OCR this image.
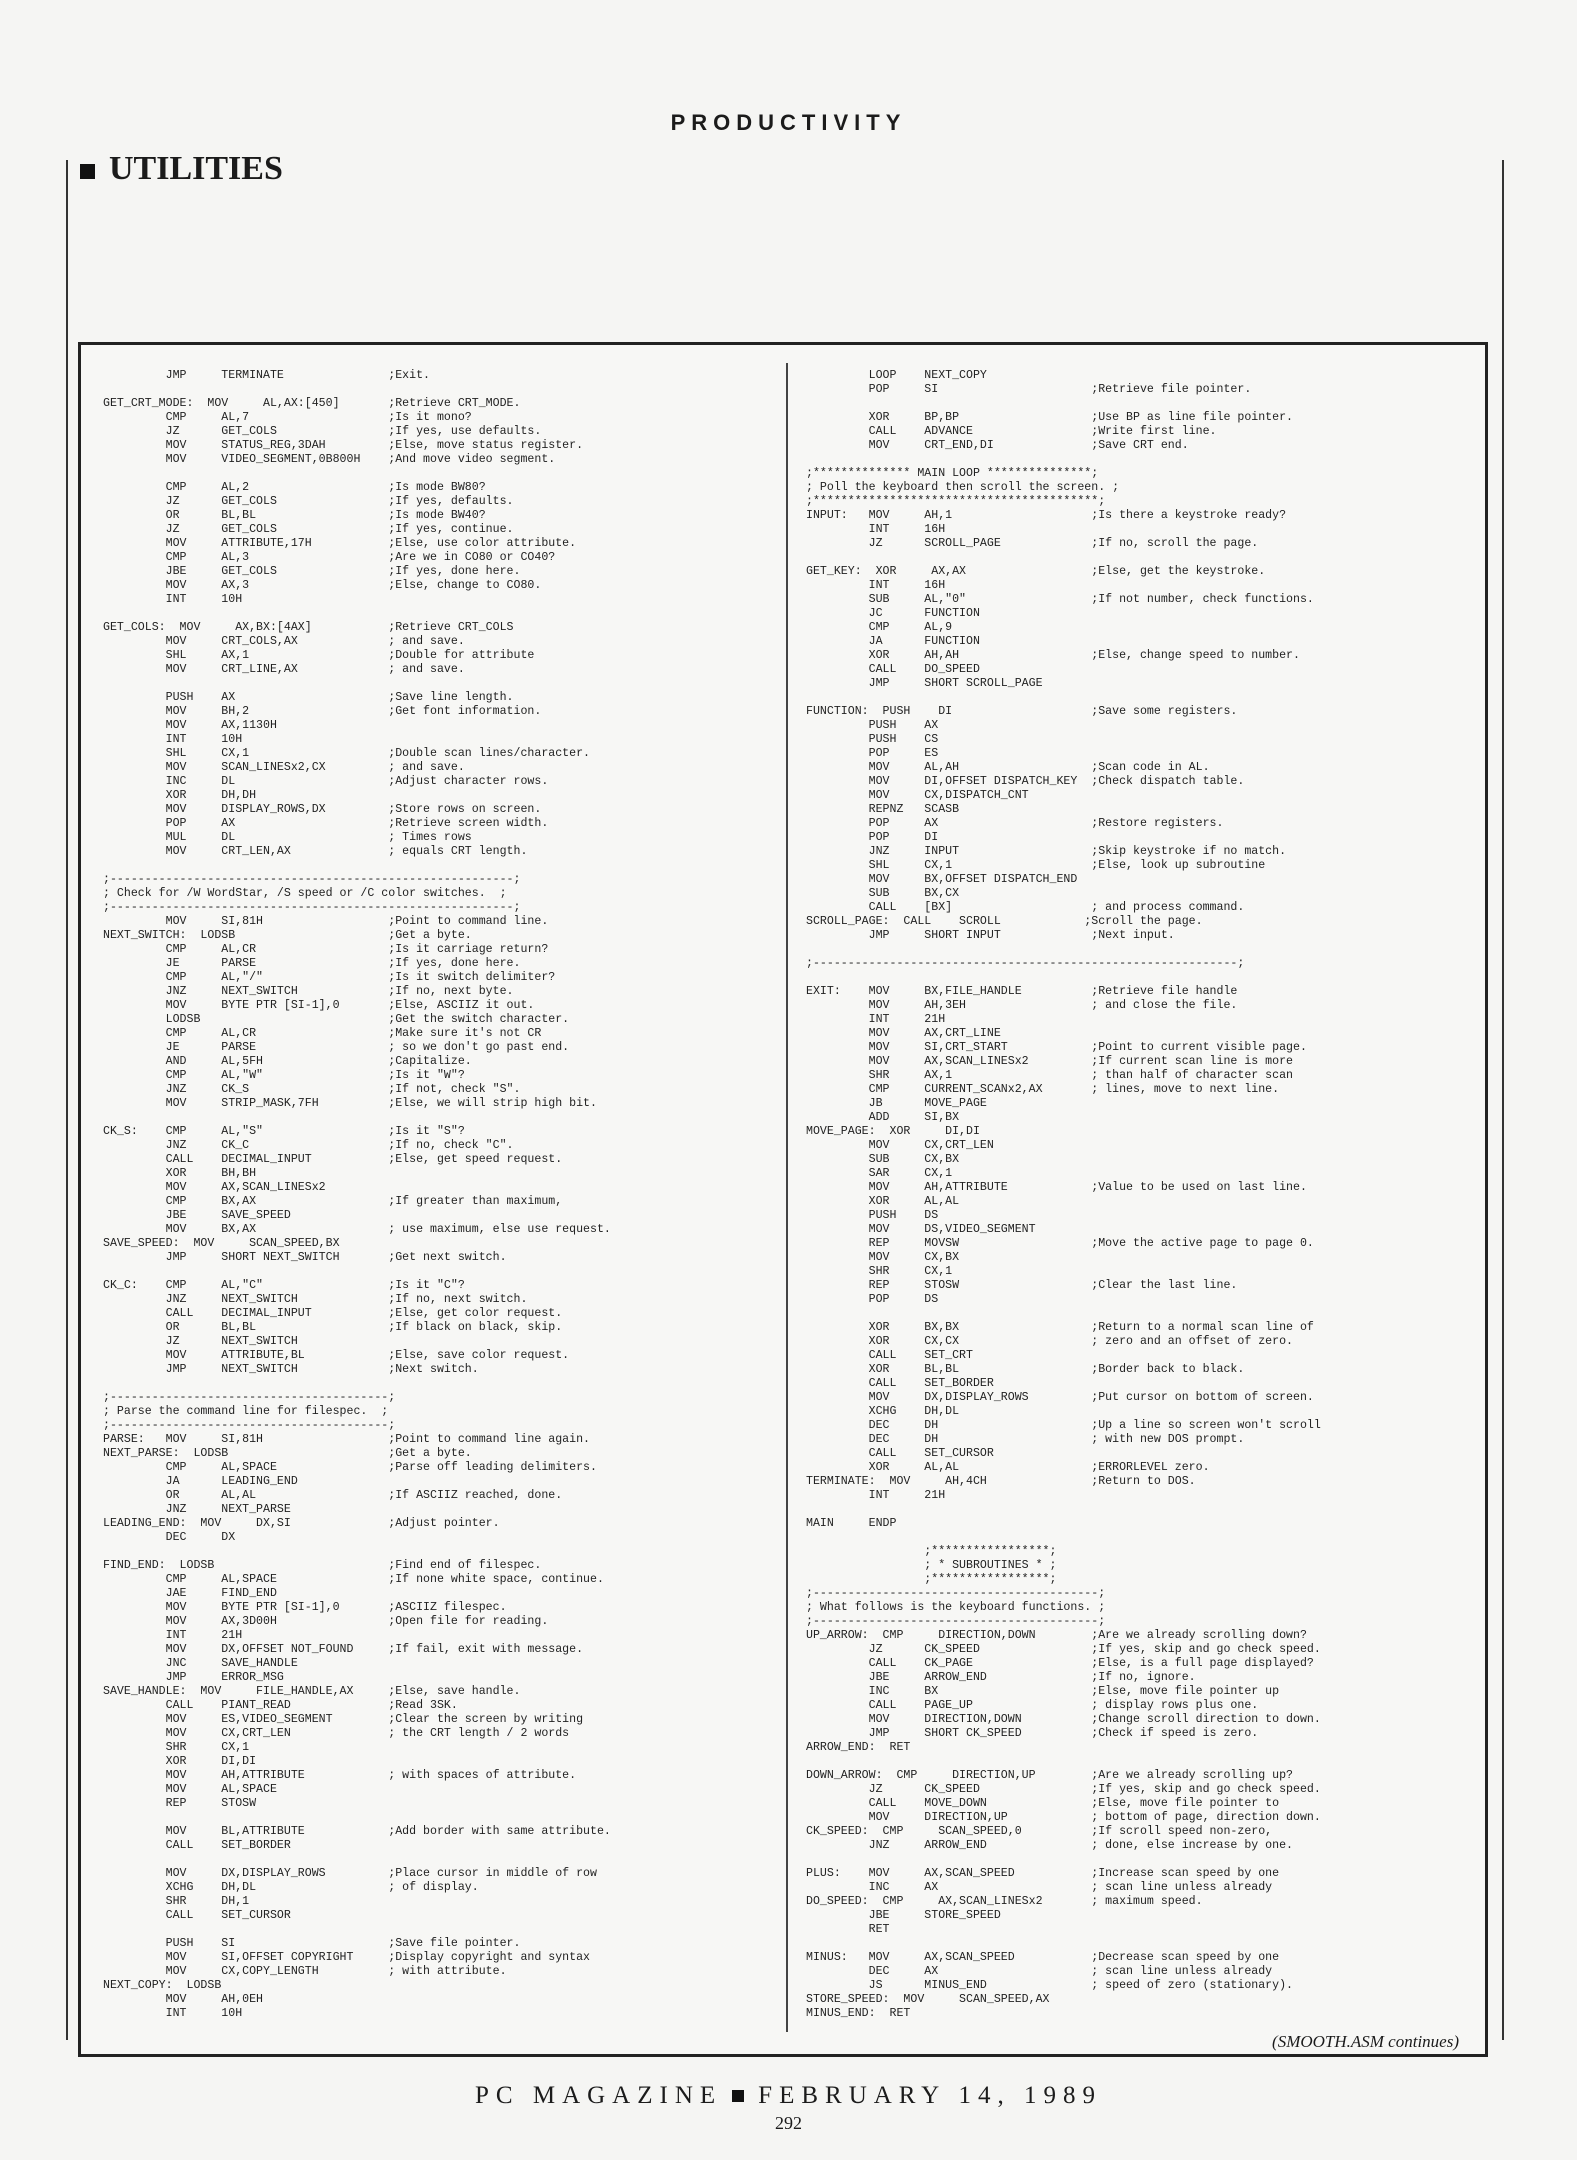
PRODUCTIVITY
UTILITIES
JMP     TERMINATE               ;Exit.

GET_CRT_MODE:  MOV     AL,AX:[450]       ;Retrieve CRT_MODE.
CMP     AL,7                    ;Is it mono?
JZ      GET_COLS                ;If yes, use defaults.
MOV     STATUS_REG,3DAH         ;Else, move status register.
MOV     VIDEO_SEGMENT,0B800H    ;And move video segment.

CMP     AL,2                    ;Is mode BW80?
JZ      GET_COLS                ;If yes, defaults.
OR      BL,BL                   ;Is mode BW40?
JZ      GET_COLS                ;If yes, continue.
MOV     ATTRIBUTE,17H           ;Else, use color attribute.
CMP     AL,3                    ;Are we in CO80 or CO40?
JBE     GET_COLS                ;If yes, done here.
MOV     AX,3                    ;Else, change to CO80.
INT     10H

GET_COLS:  MOV     AX,BX:[4AX]           ;Retrieve CRT_COLS
MOV     CRT_COLS,AX             ; and save.
SHL     AX,1                    ;Double for attribute
MOV     CRT_LINE,AX             ; and save.

PUSH    AX                      ;Save line length.
MOV     BH,2                    ;Get font information.
MOV     AX,1130H
INT     10H
SHL     CX,1                    ;Double scan lines/character.
MOV     SCAN_LINESx2,CX         ; and save.
INC     DL                      ;Adjust character rows.
XOR     DH,DH
MOV     DISPLAY_ROWS,DX         ;Store rows on screen.
POP     AX                      ;Retrieve screen width.
MUL     DL                      ; Times rows
MOV     CRT_LEN,AX              ; equals CRT length.

;----------------------------------------------------------;
; Check for /W WordStar, /S speed or /C color switches.  ;
;----------------------------------------------------------;
MOV     SI,81H                  ;Point to command line.
NEXT_SWITCH:  LODSB                      ;Get a byte.
CMP     AL,CR                   ;Is it carriage return?
JE      PARSE                   ;If yes, done here.
CMP     AL,"/"                  ;Is it switch delimiter?
JNZ     NEXT_SWITCH             ;If no, next byte.
MOV     BYTE PTR [SI-1],0       ;Else, ASCIIZ it out.
LODSB                           ;Get the switch character.
CMP     AL,CR                   ;Make sure it's not CR
JE      PARSE                   ; so we don't go past end.
AND     AL,5FH                  ;Capitalize.
CMP     AL,"W"                  ;Is it "W"?
JNZ     CK_S                    ;If not, check "S".
MOV     STRIP_MASK,7FH          ;Else, we will strip high bit.

CK_S:    CMP     AL,"S"                  ;Is it "S"?
JNZ     CK_C                    ;If no, check "C".
CALL    DECIMAL_INPUT           ;Else, get speed request.
XOR     BH,BH
MOV     AX,SCAN_LINESx2
CMP     BX,AX                   ;If greater than maximum,
JBE     SAVE_SPEED
MOV     BX,AX                   ; use maximum, else use request.
SAVE_SPEED:  MOV     SCAN_SPEED,BX
JMP     SHORT NEXT_SWITCH       ;Get next switch.

CK_C:    CMP     AL,"C"                  ;Is it "C"?
JNZ     NEXT_SWITCH             ;If no, next switch.
CALL    DECIMAL_INPUT           ;Else, get color request.
OR      BL,BL                   ;If black on black, skip.
JZ      NEXT_SWITCH
MOV     ATTRIBUTE,BL            ;Else, save color request.
JMP     NEXT_SWITCH             ;Next switch.

;----------------------------------------;
; Parse the command line for filespec.  ;
;----------------------------------------;
PARSE:   MOV     SI,81H                  ;Point to command line again.
NEXT_PARSE:  LODSB                       ;Get a byte.
CMP     AL,SPACE                ;Parse off leading delimiters.
JA      LEADING_END
OR      AL,AL                   ;If ASCIIZ reached, done.
JNZ     NEXT_PARSE
LEADING_END:  MOV     DX,SI              ;Adjust pointer.
DEC     DX

FIND_END:  LODSB                         ;Find end of filespec.
CMP     AL,SPACE                ;If none white space, continue.
JAE     FIND_END
MOV     BYTE PTR [SI-1],0       ;ASCIIZ filespec.
MOV     AX,3D00H                ;Open file for reading.
INT     21H
MOV     DX,OFFSET NOT_FOUND     ;If fail, exit with message.
JNC     SAVE_HANDLE
JMP     ERROR_MSG
SAVE_HANDLE:  MOV     FILE_HANDLE,AX     ;Else, save handle.
CALL    PIANT_READ              ;Read 3SK.
MOV     ES,VIDEO_SEGMENT        ;Clear the screen by writing
MOV     CX,CRT_LEN              ; the CRT length / 2 words
SHR     CX,1
XOR     DI,DI
MOV     AH,ATTRIBUTE            ; with spaces of attribute.
MOV     AL,SPACE
REP     STOSW

MOV     BL,ATTRIBUTE            ;Add border with same attribute.
CALL    SET_BORDER

MOV     DX,DISPLAY_ROWS         ;Place cursor in middle of row
XCHG    DH,DL                   ; of display.
SHR     DH,1
CALL    SET_CURSOR

PUSH    SI                      ;Save file pointer.
MOV     SI,OFFSET COPYRIGHT     ;Display copyright and syntax
MOV     CX,COPY_LENGTH          ; with attribute.
NEXT_COPY:  LODSB
MOV     AH,0EH
INT     10H
LOOP    NEXT_COPY
POP     SI                      ;Retrieve file pointer.

XOR     BP,BP                   ;Use BP as line file pointer.
CALL    ADVANCE                 ;Write first line.
MOV     CRT_END,DI              ;Save CRT end.

;************** MAIN LOOP ***************;
; Poll the keyboard then scroll the screen. ;
;*****************************************;
INPUT:   MOV     AH,1                    ;Is there a keystroke ready?
INT     16H
JZ      SCROLL_PAGE             ;If no, scroll the page.

GET_KEY:  XOR     AX,AX                  ;Else, get the keystroke.
INT     16H
SUB     AL,"0"                  ;If not number, check functions.
JC      FUNCTION
CMP     AL,9
JA      FUNCTION
XOR     AH,AH                   ;Else, change speed to number.
CALL    DO_SPEED
JMP     SHORT SCROLL_PAGE

FUNCTION:  PUSH    DI                    ;Save some registers.
PUSH    AX
PUSH    CS
POP     ES
MOV     AL,AH                   ;Scan code in AL.
MOV     DI,OFFSET DISPATCH_KEY  ;Check dispatch table.
MOV     CX,DISPATCH_CNT
REPNZ   SCASB
POP     AX                      ;Restore registers.
POP     DI
JNZ     INPUT                   ;Skip keystroke if no match.
SHL     CX,1                    ;Else, look up subroutine
MOV     BX,OFFSET DISPATCH_END
SUB     BX,CX
CALL    [BX]                    ; and process command.
SCROLL_PAGE:  CALL    SCROLL            ;Scroll the page.
JMP     SHORT INPUT             ;Next input.

;-------------------------------------------------------------;

EXIT:    MOV     BX,FILE_HANDLE          ;Retrieve file handle
MOV     AH,3EH                  ; and close the file.
INT     21H
MOV     AX,CRT_LINE
MOV     SI,CRT_START            ;Point to current visible page.
MOV     AX,SCAN_LINESx2         ;If current scan line is more
SHR     AX,1                    ; than half of character scan
CMP     CURRENT_SCANx2,AX       ; lines, move to next line.
JB      MOVE_PAGE
ADD     SI,BX
MOVE_PAGE:  XOR     DI,DI
MOV     CX,CRT_LEN
SUB     CX,BX
SAR     CX,1
MOV     AH,ATTRIBUTE            ;Value to be used on last line.
XOR     AL,AL
PUSH    DS
MOV     DS,VIDEO_SEGMENT
REP     MOVSW                   ;Move the active page to page 0.
MOV     CX,BX
SHR     CX,1
REP     STOSW                   ;Clear the last line.
POP     DS

XOR     BX,BX                   ;Return to a normal scan line of
XOR     CX,CX                   ; zero and an offset of zero.
CALL    SET_CRT
XOR     BL,BL                   ;Border back to black.
CALL    SET_BORDER
MOV     DX,DISPLAY_ROWS         ;Put cursor on bottom of screen.
XCHG    DH,DL
DEC     DH                      ;Up a line so screen won't scroll
DEC     DH                      ; with new DOS prompt.
CALL    SET_CURSOR
XOR     AL,AL                   ;ERRORLEVEL zero.
TERMINATE:  MOV     AH,4CH               ;Return to DOS.
INT     21H

MAIN     ENDP

;*****************;
; * SUBROUTINES * ;
;*****************;
;-----------------------------------------;
; What follows is the keyboard functions. ;
;-----------------------------------------;
UP_ARROW:  CMP     DIRECTION,DOWN        ;Are we already scrolling down?
JZ      CK_SPEED                ;If yes, skip and go check speed.
CALL    CK_PAGE                 ;Else, is a full page displayed?
JBE     ARROW_END               ;If no, ignore.
INC     BX                      ;Else, move file pointer up
CALL    PAGE_UP                 ; display rows plus one.
MOV     DIRECTION,DOWN          ;Change scroll direction to down.
JMP     SHORT CK_SPEED          ;Check if speed is zero.
ARROW_END:  RET

DOWN_ARROW:  CMP     DIRECTION,UP        ;Are we already scrolling up?
JZ      CK_SPEED                ;If yes, skip and go check speed.
CALL    MOVE_DOWN               ;Else, move file pointer to
MOV     DIRECTION,UP            ; bottom of page, direction down.
CK_SPEED:  CMP     SCAN_SPEED,0          ;If scroll speed non-zero,
JNZ     ARROW_END               ; done, else increase by one.

PLUS:    MOV     AX,SCAN_SPEED           ;Increase scan speed by one
INC     AX                      ; scan line unless already
DO_SPEED:  CMP     AX,SCAN_LINESx2       ; maximum speed.
JBE     STORE_SPEED
RET

MINUS:   MOV     AX,SCAN_SPEED           ;Decrease scan speed by one
DEC     AX                      ; scan line unless already
JS      MINUS_END               ; speed of zero (stationary).
STORE_SPEED:  MOV     SCAN_SPEED,AX
MINUS_END:  RET
(SMOOTH.ASM continues)
PC MAGAZINE FEBRUARY 14, 1989
292
